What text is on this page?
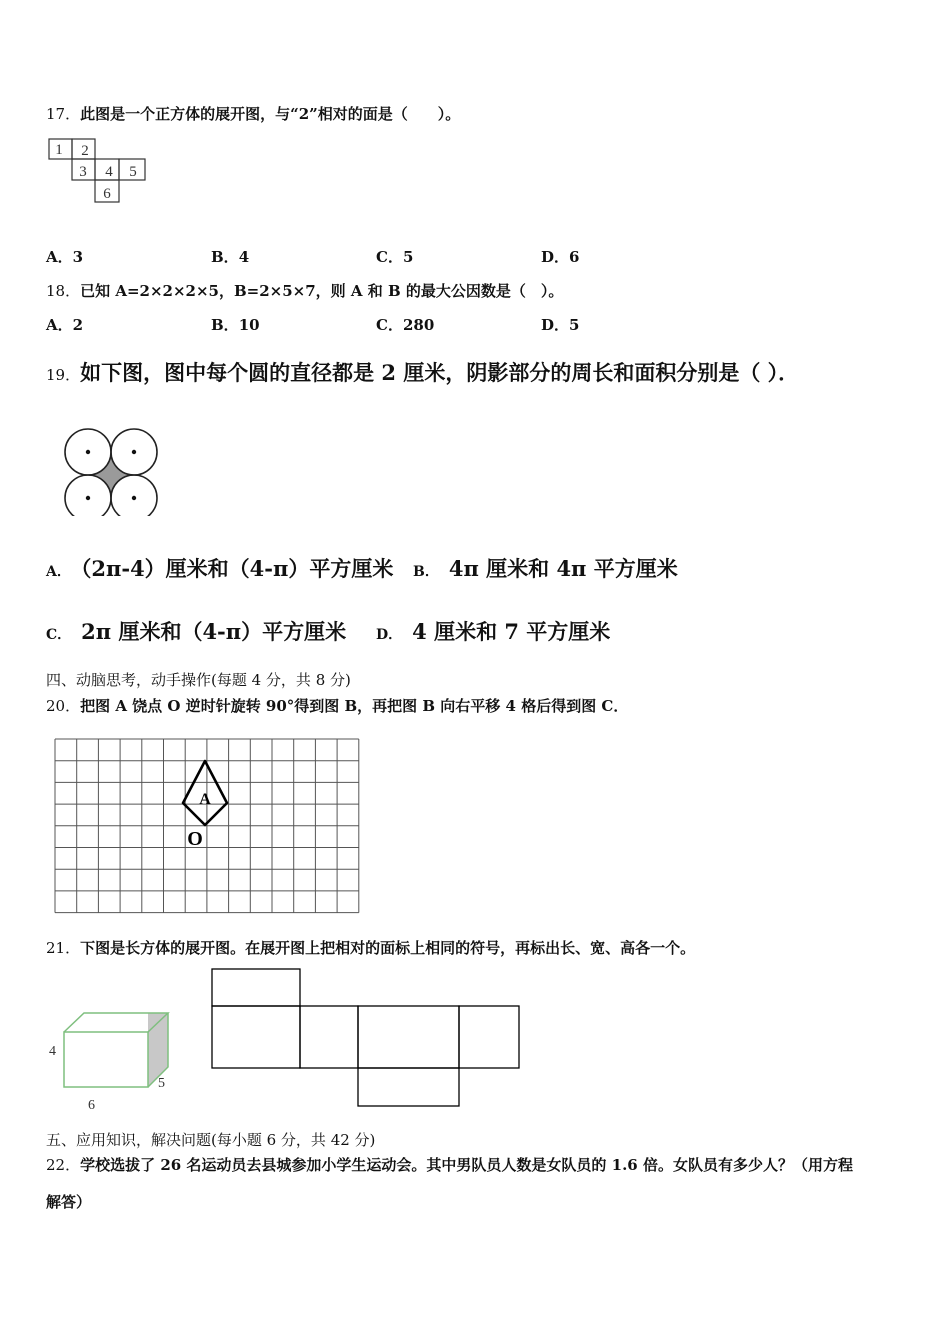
17．此图是一个正方体的展开图，与“2”相对的面是（　　）。
1 2
3 4 5
6
A．3	B．4	C．5	D．6
18．已知 A=2×2×2×5，B=2×5×7，则 A 和 B 的最大公因数是（　）。
A．2	B．10	C．280	D．5
19．如下图，图中每个圆的直径都是 2 厘米，阴影部分的周长和面积分别是（ ）．
A． （2π-4）厘米和（4-π）平方厘米 B． 4π 厘米和 4π 平方厘米
C． 2π 厘米和（4-π）平方厘米 D． 4 厘米和 7 平方厘米
四、动脑思考，动手操作(每题 4 分，共 8 分)
20．把图 A 饶点 O 逆时针旋转 90°得到图 B，再把图 B 向右平移 4 格后得到图 C．
A
O
21．下图是长方体的展开图。在展开图上把相对的面标上相同的符号，再标出长、宽、高各一个。
4
6
5
五、应用知识，解决问题(每小题 6 分，共 42 分)
22．学校选拔了 26 名运动员去县城参加小学生运动会。其中男队员人数是女队员的 1.6 倍。女队员有多少人？（用方程
解答）
